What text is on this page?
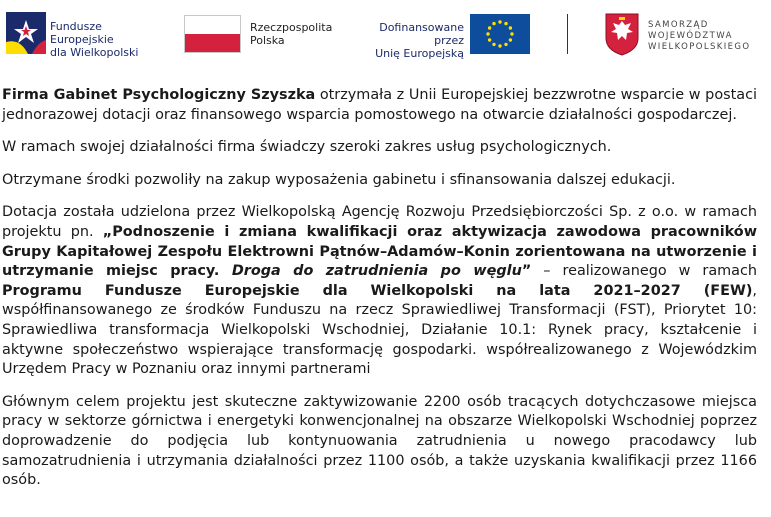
Fundusze Europejskie
dla Wielkopolski
Rzeczpospolita
Polska
Dofinansowane przez
Unię Europejską
SAMORZĄD
WOJEWÓDZTWA
WIELKOPOLSKIEGO

Firma Gabinet Psychologiczny Szyszka otrzymała z Unii Europejskiej bezzwrotne wsparcie w postaci jednorazowej dotacji oraz finansowego wsparcia pomostowego na otwarcie działalności gospodarczej.

W ramach swojej działalności firma świadczy szeroki zakres usług psychologicznych.

Otrzymane środki pozwoliły na zakup wyposażenia gabinetu i sfinansowania dalszej edukacji.

Dotacja została udzielona przez Wielkopolską Agencję Rozwoju Przedsiębiorczości Sp. z o.o. w ramach projektu pn. „Podnoszenie i zmiana kwalifikacji oraz aktywizacja zawodowa pracowników Grupy Kapitałowej Zespołu Elektrowni Pątnów–Adamów–Konin zorientowana na utworzenie i utrzymanie miejsc pracy. Droga do zatrudnienia po węglu” – realizowanego w ramach Programu Fundusze Europejskie dla Wielkopolski na lata 2021–2027 (FEW), współfinansowanego ze środków Funduszu na rzecz Sprawiedliwej Transformacji (FST), Priorytet 10: Sprawiedliwa transformacja Wielkopolski Wschodniej, Działanie 10.1: Rynek pracy, kształcenie i aktywne społeczeństwo wspierające transformację gospodarki. współrealizowanego z Wojewódzkim Urzędem Pracy w Poznaniu oraz innymi partnerami

Głównym celem projektu jest skuteczne zaktywizowanie 2200 osób tracących dotychczasowe miejsca pracy w sektorze górnictwa i energetyki konwencjonalnej na obszarze Wielkopolski Wschodniej poprzez doprowadzenie do podjęcia lub kontynuowania zatrudnienia u nowego pracodawcy lub samozatrudnienia i utrzymania działalności przez 1100 osób, a także uzyskania kwalifikacji przez 1166 osób.
